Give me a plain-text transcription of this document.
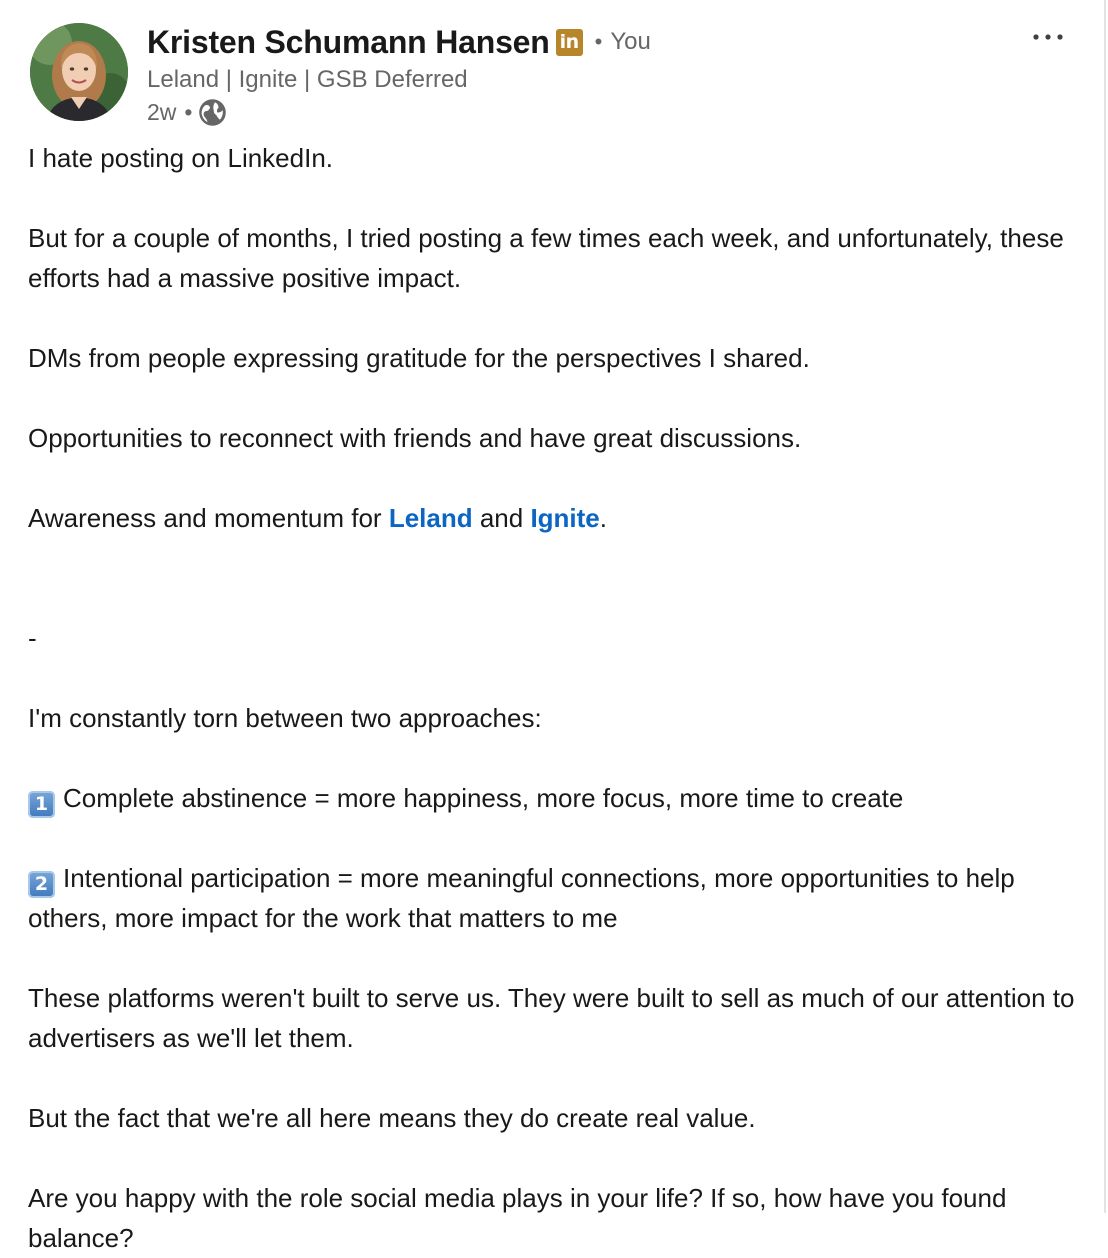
Kristen Schumann Hansen in • You
Leland | Ignite | GSB Deferred
2w •

I hate posting on LinkedIn.

But for a couple of months, I tried posting a few times each week, and unfortunately, these efforts had a massive positive impact.

DMs from people expressing gratitude for the perspectives I shared.

Opportunities to reconnect with friends and have great discussions.

Awareness and momentum for Leland and Ignite.

-

I'm constantly torn between two approaches:

1 Complete abstinence = more happiness, more focus, more time to create

2 Intentional participation = more meaningful connections, more opportunities to help others, more impact for the work that matters to me

These platforms weren't built to serve us. They were built to sell as much of our attention to advertisers as we'll let them.

But the fact that we're all here means they do create real value.

Are you happy with the role social media plays in your life? If so, how have you found balance?
